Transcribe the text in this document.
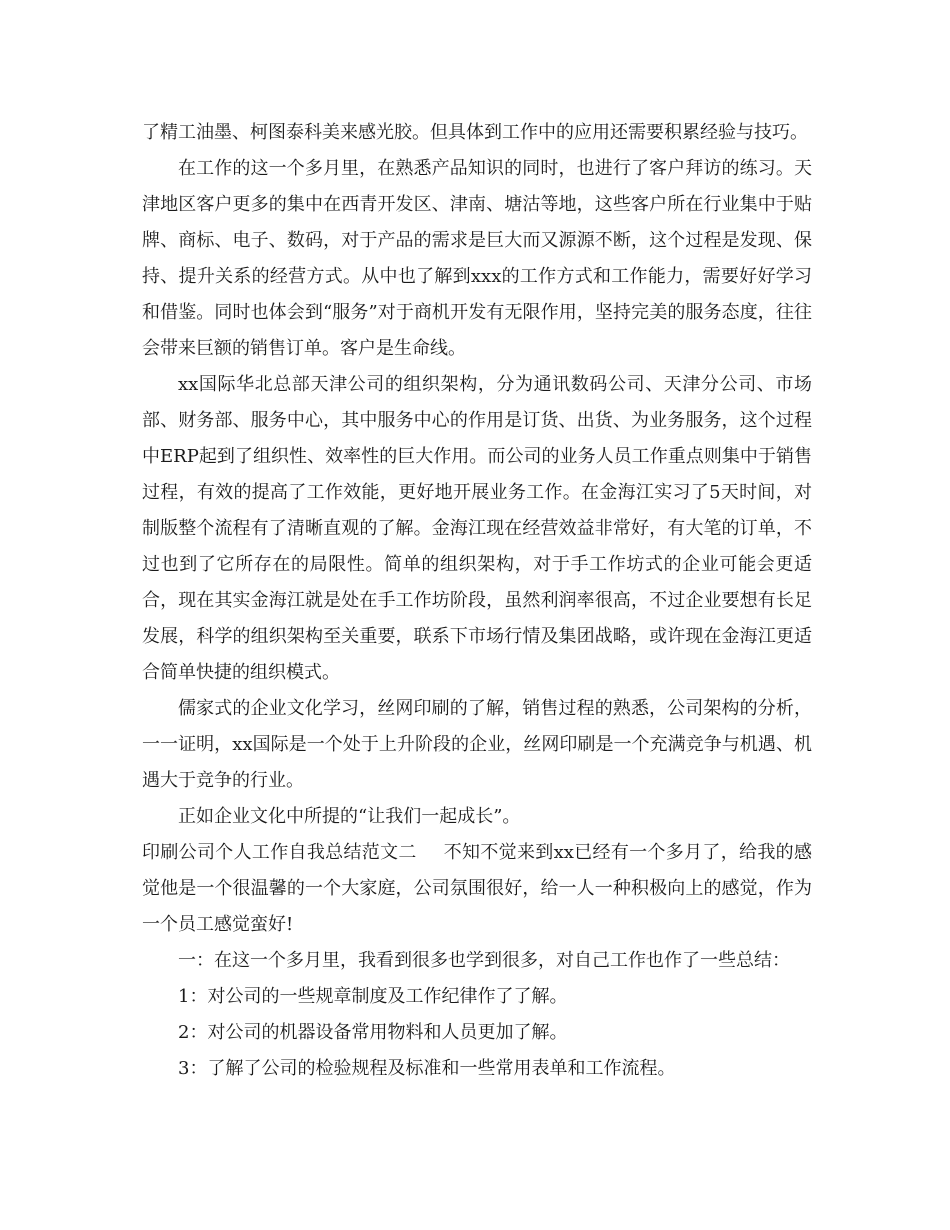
了精工油墨、柯图泰科美来感光胶。但具体到工作中的应用还需要积累经验与技巧。

在工作的这一个多月里，在熟悉产品知识的同时，也进行了客户拜访的练习。天津地区客户更多的集中在西青开发区、津南、塘沽等地，这些客户所在行业集中于贴牌、商标、电子、数码，对于产品的需求是巨大而又源源不断，这个过程是发现、保持、提升关系的经营方式。从中也了解到xxx的工作方式和工作能力，需要好好学习和借鉴。同时也体会到“服务”对于商机开发有无限作用，坚持完美的服务态度，往往会带来巨额的销售订单。客户是生命线。

xx国际华北总部天津公司的组织架构，分为通讯数码公司、天津分公司、市场部、财务部、服务中心，其中服务中心的作用是订货、出货、为业务服务，这个过程中ERP起到了组织性、效率性的巨大作用。而公司的业务人员工作重点则集中于销售过程，有效的提高了工作效能，更好地开展业务工作。在金海江实习了5天时间，对制版整个流程有了清晰直观的了解。金海江现在经营效益非常好，有大笔的订单，不过也到了它所存在的局限性。简单的组织架构，对于手工作坊式的企业可能会更适合，现在其实金海江就是处在手工作坊阶段，虽然利润率很高，不过企业要想有长足发展，科学的组织架构至关重要，联系下市场行情及集团战略，或许现在金海江更适合简单快捷的组织模式。

儒家式的企业文化学习，丝网印刷的了解，销售过程的熟悉，公司架构的分析，一一证明，xx国际是一个处于上升阶段的企业，丝网印刷是一个充满竞争与机遇、机遇大于竞争的行业。

正如企业文化中所提的“让我们一起成长”。

印刷公司个人工作自我总结范文二 不知不觉来到xx已经有一个多月了，给我的感觉他是一个很温馨的一个大家庭，公司氛围很好，给一人一种积极向上的感觉，作为一个员工感觉蛮好!

一：在这一个多月里，我看到很多也学到很多，对自己工作也作了一些总结：

1：对公司的一些规章制度及工作纪律作了了解。

2：对公司的机器设备常用物料和人员更加了解。

3：了解了公司的检验规程及标准和一些常用表单和工作流程。
